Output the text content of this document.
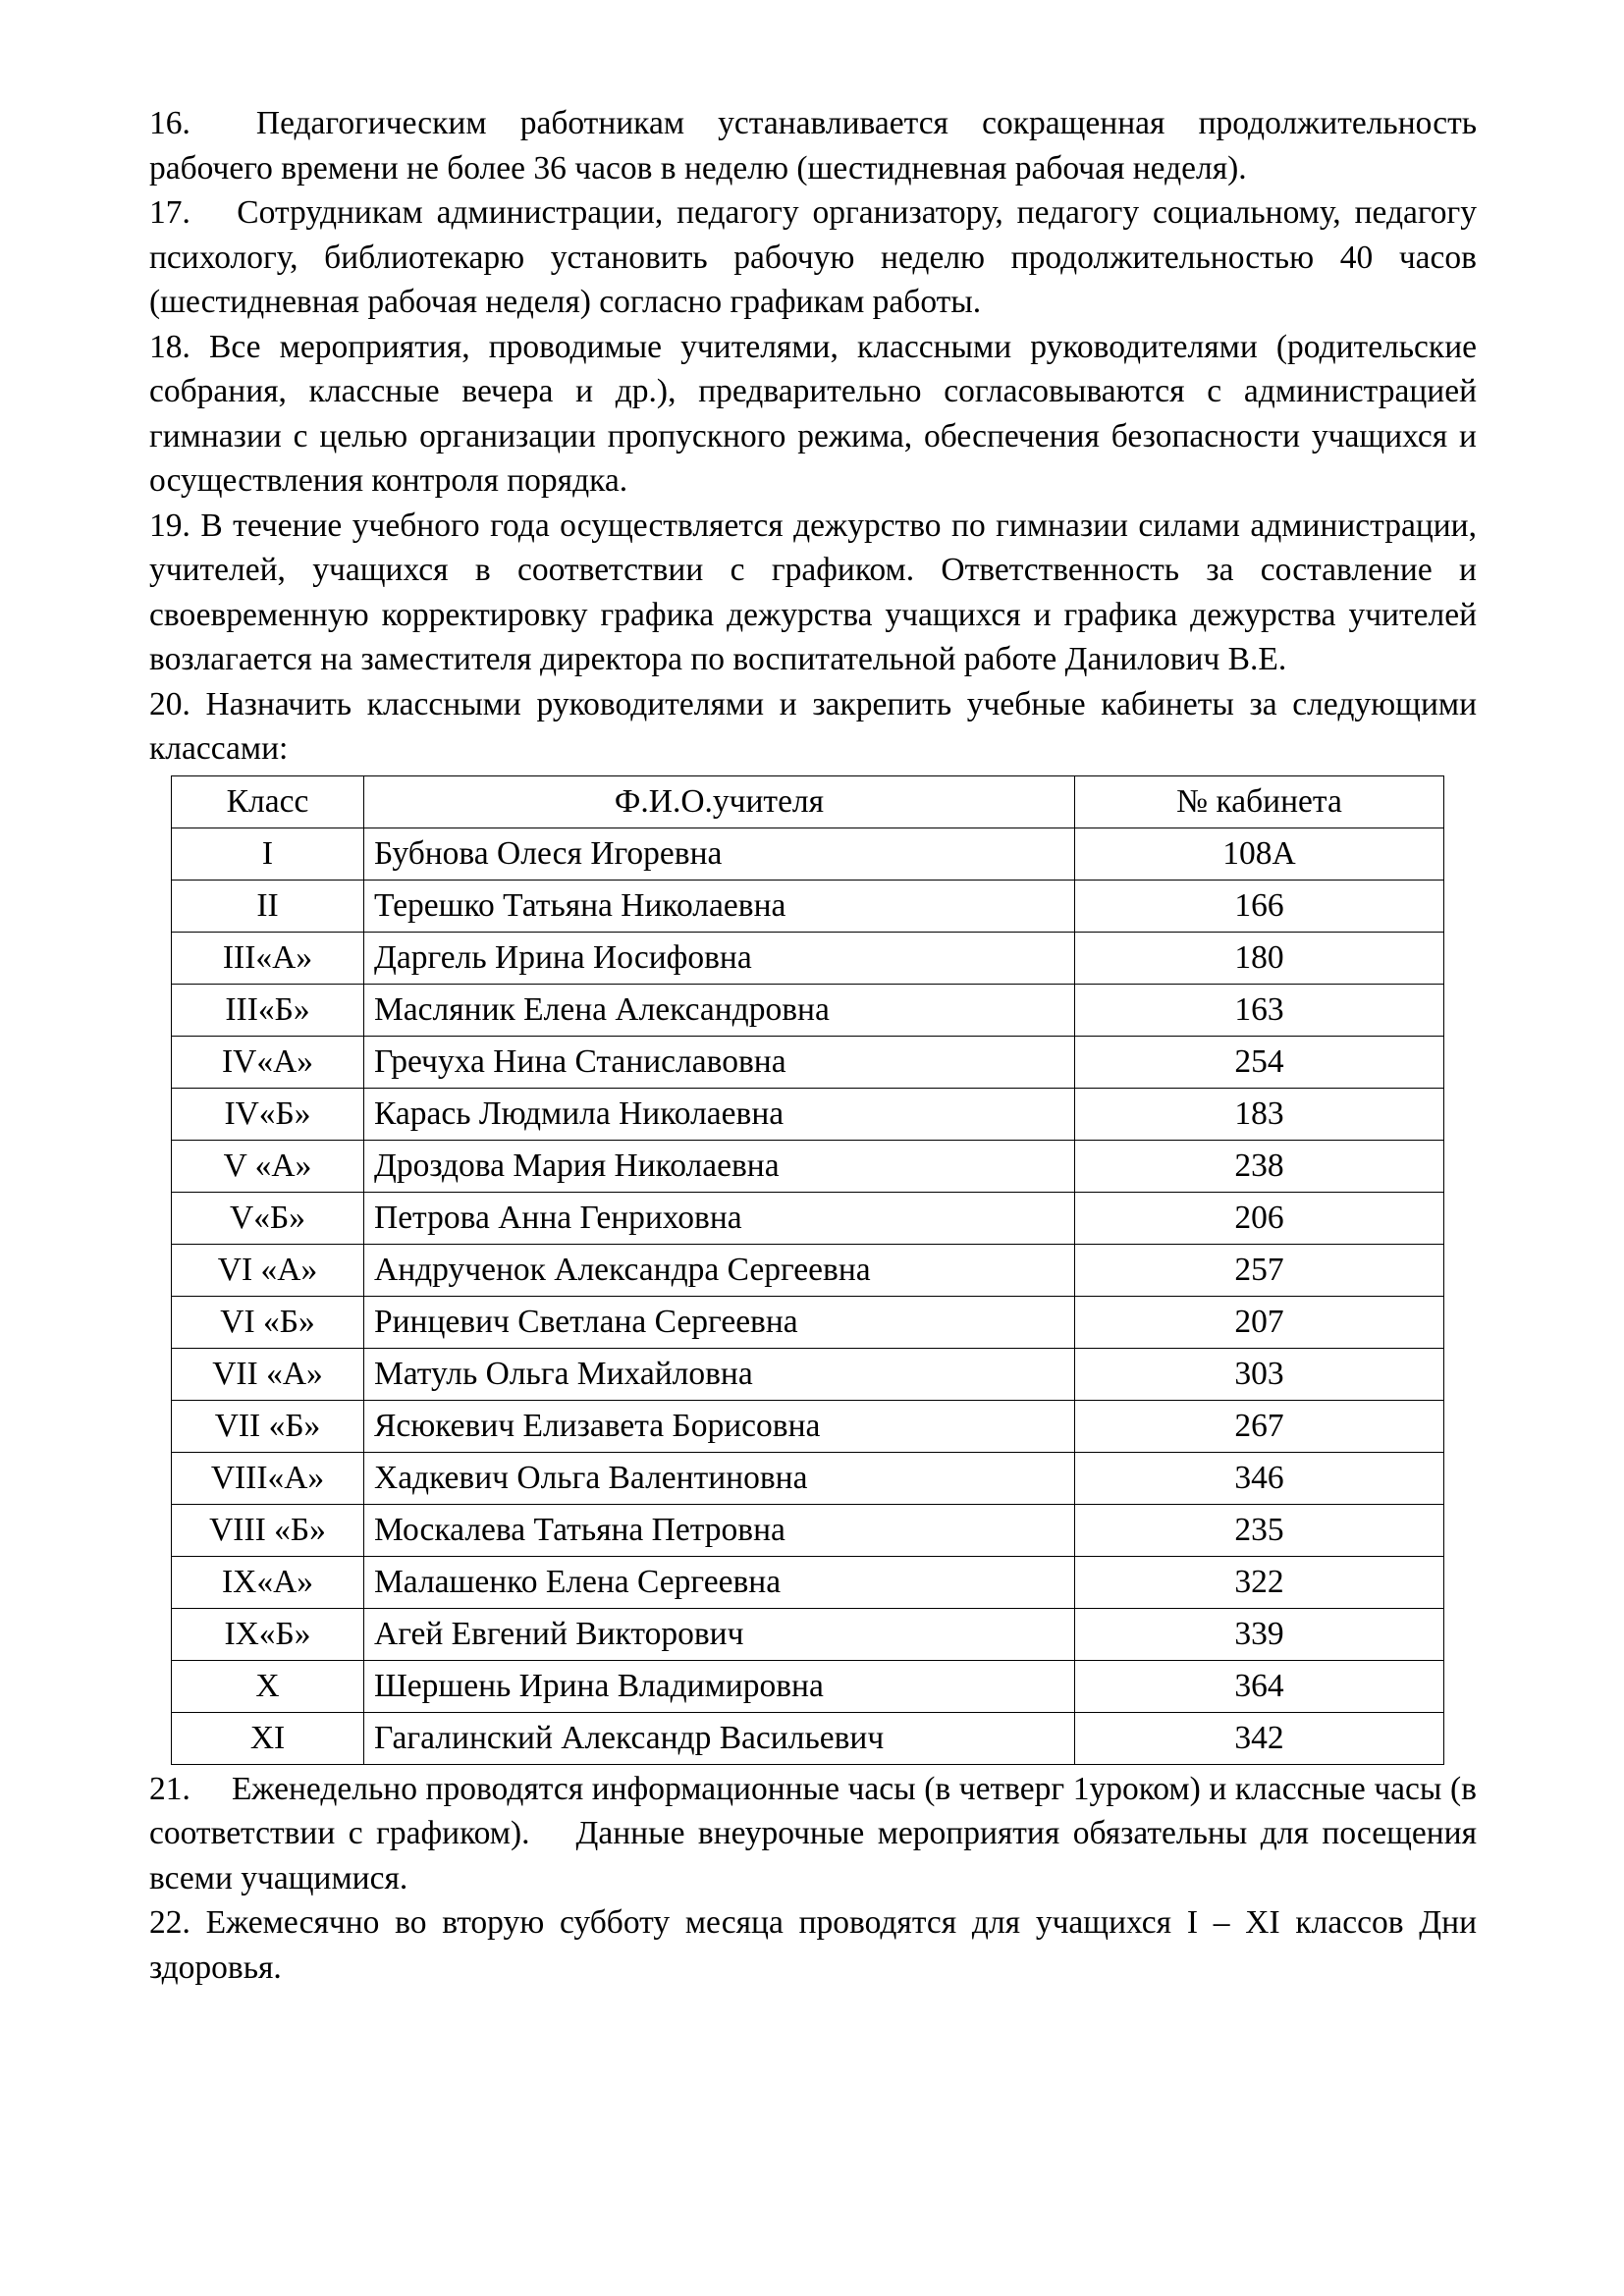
16.  Педагогическим работникам устанавливается сокращенная продолжительность рабочего времени не более 36 часов в неделю (шестидневная рабочая неделя).

17.  Сотрудникам администрации, педагогу организатору, педагогу социальному, педагогу психологу, библиотекарю установить рабочую неделю продолжительностью 40 часов (шестидневная рабочая неделя) согласно графикам работы.

18. Все мероприятия, проводимые учителями, классными руководителями (родительские собрания, классные вечера и др.), предварительно согласовываются с администрацией гимназии с целью организации пропускного режима, обеспечения безопасности учащихся и осуществления контроля порядка.

19. В течение учебного года осуществляется дежурство по гимназии силами администрации, учителей, учащихся в соответствии с графиком. Ответственность за составление и своевременную корректировку графика дежурства учащихся и графика дежурства учителей возлагается на заместителя директора по воспитательной работе Данилович В.Е.

20. Назначить классными руководителями и закрепить учебные кабинеты за следующими классами:

Класс	Ф.И.О.учителя	№ кабинета
I	Бубнова Олеся Игоревна	108А
II	Терешко Татьяна Николаевна	166
III«А»	Даргель Ирина Иосифовна	180
III«Б»	Масляник Елена Александровна	163
IV«А»	Гречуха Нина Станиславовна	254
IV«Б»	Карась Людмила Николаевна	183
V «А»	Дроздова Мария Николаевна	238
V«Б»	Петрова Анна Генриховна	206
VI «А»	Андрученок Александра Сергеевна	257
VI «Б»	Ринцевич Светлана Сергеевна	207
VII «А»	Матуль Ольга Михайловна	303
VII «Б»	Ясюкевич Елизавета Борисовна	267
VIII«А»	Хадкевич Ольга Валентиновна	346
VIII «Б»	Москалева Татьяна Петровна	235
IX«А»	Малашенко Елена Сергеевна	322
IX«Б»	Агей Евгений Викторович	339
X	Шершень Ирина Владимировна	364
XI	Гагалинский Александр Васильевич	342

21.  Еженедельно проводятся информационные часы (в четверг 1уроком) и классные часы (в соответствии с графиком).  Данные внеурочные мероприятия обязательны для посещения всеми учащимися.

22. Ежемесячно во вторую субботу месяца проводятся для учащихся I – XI классов Дни здоровья.
